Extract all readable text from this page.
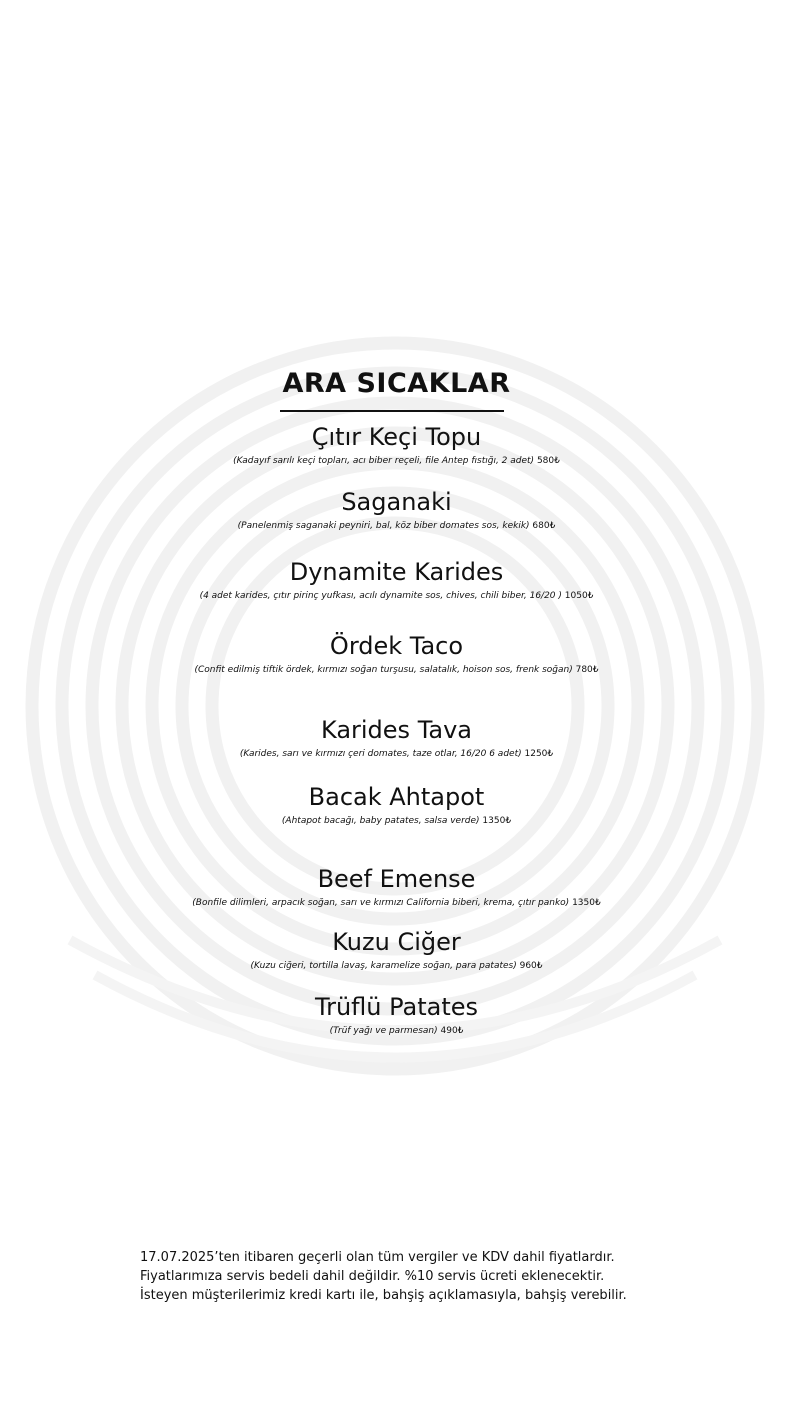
ARA SICAKLAR
Çıtır Keçi Topu
(Kadayıf sarılı keçi topları, acı biber reçeli, file Antep fıstığı, 2 adet) 580₺
Saganaki
(Panelenmiş saganaki peyniri, bal, köz biber domates sos, kekik) 680₺
Dynamite Karides
(4 adet karides, çıtır pirinç yufkası, acılı dynamite sos, chives, chili biber, 16/20 ) 1050₺
Ördek Taco
(Confit edilmiş tiftik ördek, kırmızı soğan turşusu, salatalık, hoison sos, frenk soğan) 780₺
Karides Tava
(Karides, sarı ve kırmızı çeri domates, taze otlar, 16/20 6 adet) 1250₺
Bacak Ahtapot
(Ahtapot bacağı, baby patates, salsa verde) 1350₺
Beef Emense
(Bonfile dilimleri, arpacık soğan, sarı ve kırmızı California biberi, krema, çıtır panko) 1350₺
Kuzu Ciğer
(Kuzu ciğeri, tortilla lavaş, karamelize soğan, para patates) 960₺
Trüflü Patates
(Trüf yağı ve parmesan) 490₺
17.07.2025’ten itibaren geçerli olan tüm vergiler ve KDV dahil fiyatlardır.
Fiyatlarımıza servis bedeli dahil değildir. %10 servis ücreti eklenecektir.
İsteyen müşterilerimiz kredi kartı ile, bahşiş açıklamasıyla, bahşiş verebilir.
